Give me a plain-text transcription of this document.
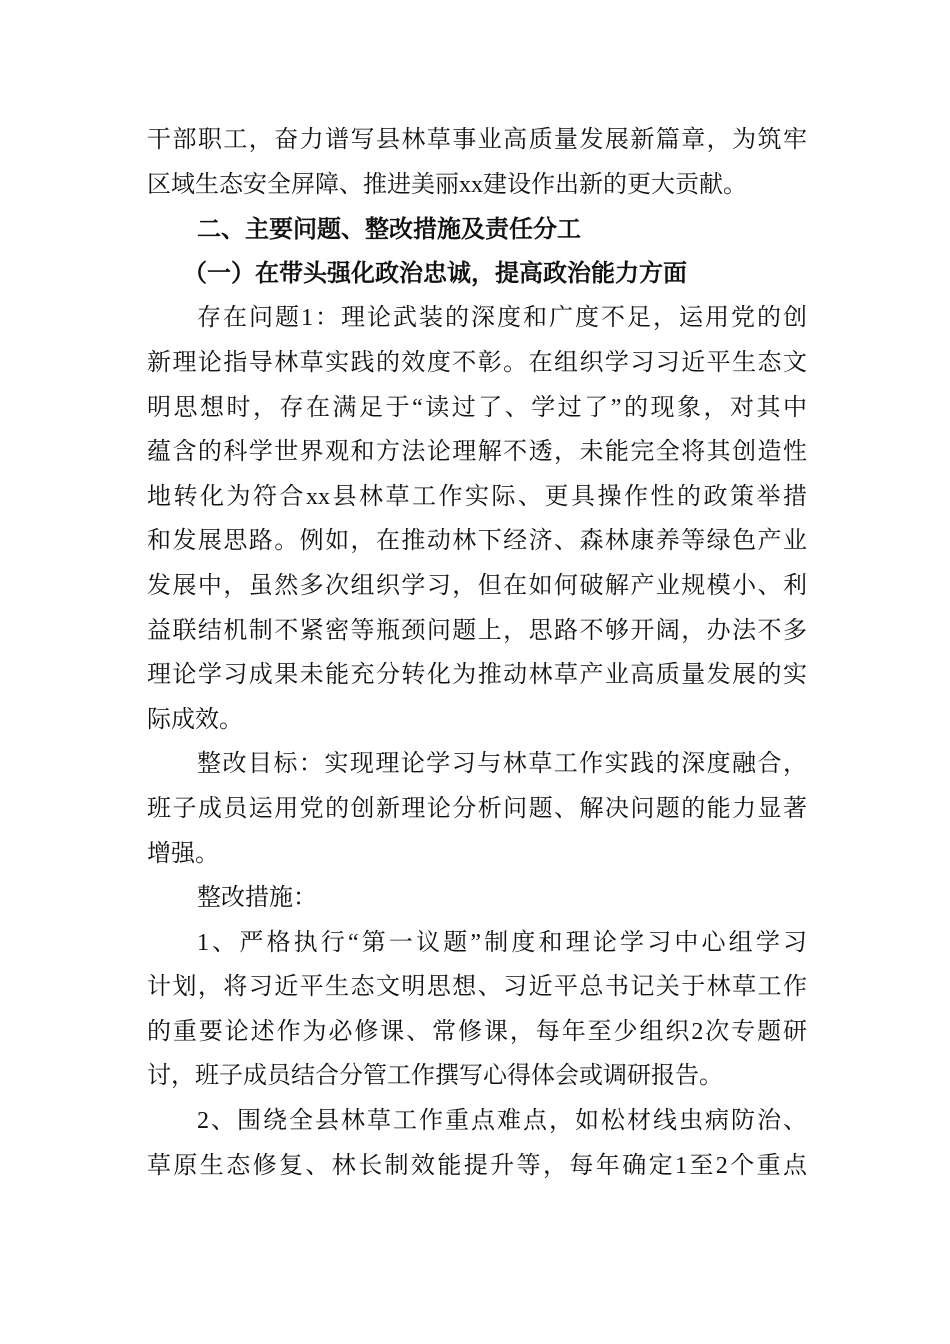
干部职工，奋力谱写县林草事业高质量发展新篇章，为筑牢
区域生态安全屏障、推进美丽xx建设作出新的更大贡献。
二、主要问题、整改措施及责任分工
（一）在带头强化政治忠诚，提高政治能力方面
存在问题1：理论武装的深度和广度不足，运用党的创
新理论指导林草实践的效度不彰。在组织学习习近平生态文
明思想时，存在满足于“读过了、学过了”的现象，对其中
蕴含的科学世界观和方法论理解不透，未能完全将其创造性
地转化为符合xx县林草工作实际、更具操作性的政策举措
和发展思路。例如，在推动林下经济、森林康养等绿色产业
发展中，虽然多次组织学习，但在如何破解产业规模小、利
益联结机制不紧密等瓶颈问题上，思路不够开阔，办法不多
理论学习成果未能充分转化为推动林草产业高质量发展的实
际成效。
整改目标：实现理论学习与林草工作实践的深度融合，
班子成员运用党的创新理论分析问题、解决问题的能力显著
增强。
整改措施：
1、严格执行“第一议题”制度和理论学习中心组学习
计划，将习近平生态文明思想、习近平总书记关于林草工作
的重要论述作为必修课、常修课，每年至少组织2次专题研
讨，班子成员结合分管工作撰写心得体会或调研报告。
2、围绕全县林草工作重点难点，如松材线虫病防治、
草原生态修复、林长制效能提升等，每年确定1至2个重点
